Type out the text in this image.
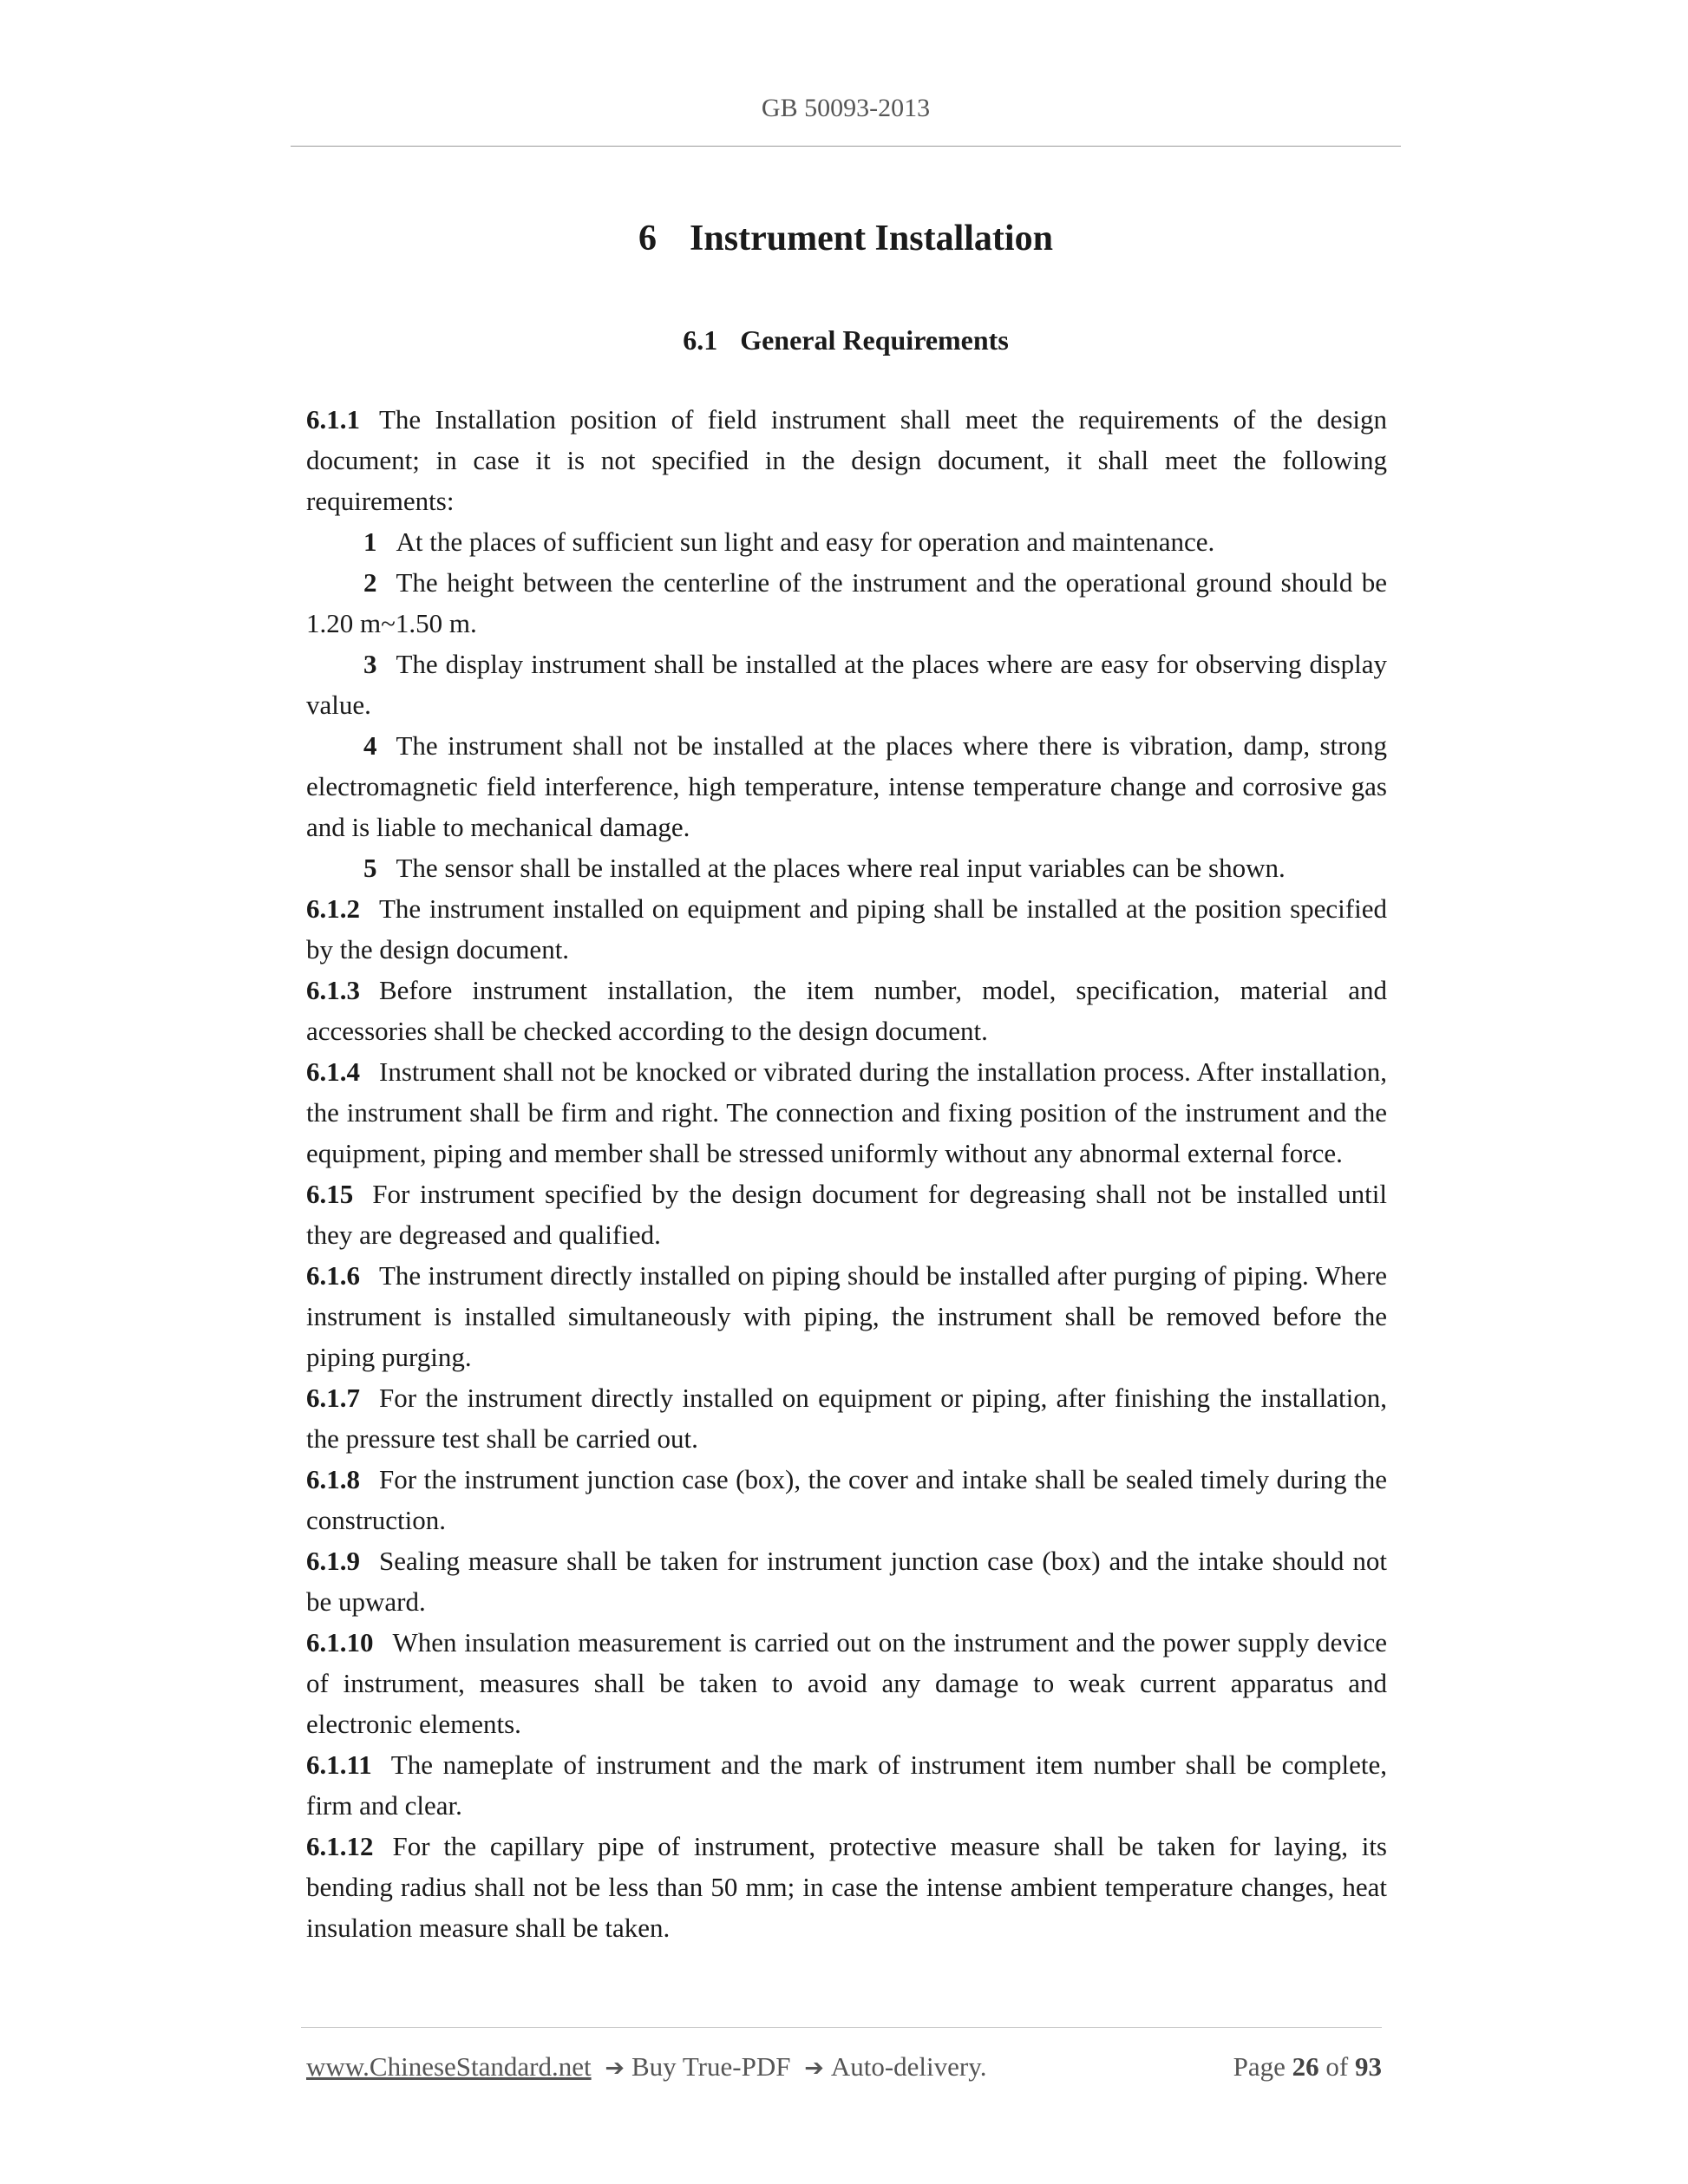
GB 50093-2013
6 Instrument Installation
6.1 General Requirements

6.1.1 The Installation position of field instrument shall meet the requirements of the design document; in case it is not specified in the design document, it shall meet the following requirements:

1 At the places of sufficient sun light and easy for operation and maintenance.

2 The height between the centerline of the instrument and the operational ground should be 1.20 m~1.50 m.

3 The display instrument shall be installed at the places where are easy for observing display value.

4 The instrument shall not be installed at the places where there is vibration, damp, strong electromagnetic field interference, high temperature, intense temperature change and corrosive gas and is liable to mechanical damage.

5 The sensor shall be installed at the places where real input variables can be shown.

6.1.2 The instrument installed on equipment and piping shall be installed at the position specified by the design document.

6.1.3 Before instrument installation, the item number, model, specification, material and accessories shall be checked according to the design document.

6.1.4 Instrument shall not be knocked or vibrated during the installation process. After installation, the instrument shall be firm and right. The connection and fixing position of the instrument and the equipment, piping and member shall be stressed uniformly without any abnormal external force.

6.15 For instrument specified by the design document for degreasing shall not be installed until they are degreased and qualified.

6.1.6 The instrument directly installed on piping should be installed after purging of piping. Where instrument is installed simultaneously with piping, the instrument shall be removed before the piping purging.

6.1.7 For the instrument directly installed on equipment or piping, after finishing the installation, the pressure test shall be carried out.

6.1.8 For the instrument junction case (box), the cover and intake shall be sealed timely during the construction.

6.1.9 Sealing measure shall be taken for instrument junction case (box) and the intake should not be upward.

6.1.10 When insulation measurement is carried out on the instrument and the power supply device of instrument, measures shall be taken to avoid any damage to weak current apparatus and electronic elements.

6.1.11 The nameplate of instrument and the mark of instrument item number shall be complete, firm and clear.

6.1.12 For the capillary pipe of instrument, protective measure shall be taken for laying, its bending radius shall not be less than 50 mm; in case the intense ambient temperature changes, heat insulation measure shall be taken.

www.ChineseStandard.net ➔ Buy True-PDF ➔ Auto-delivery.	Page 26 of 93
